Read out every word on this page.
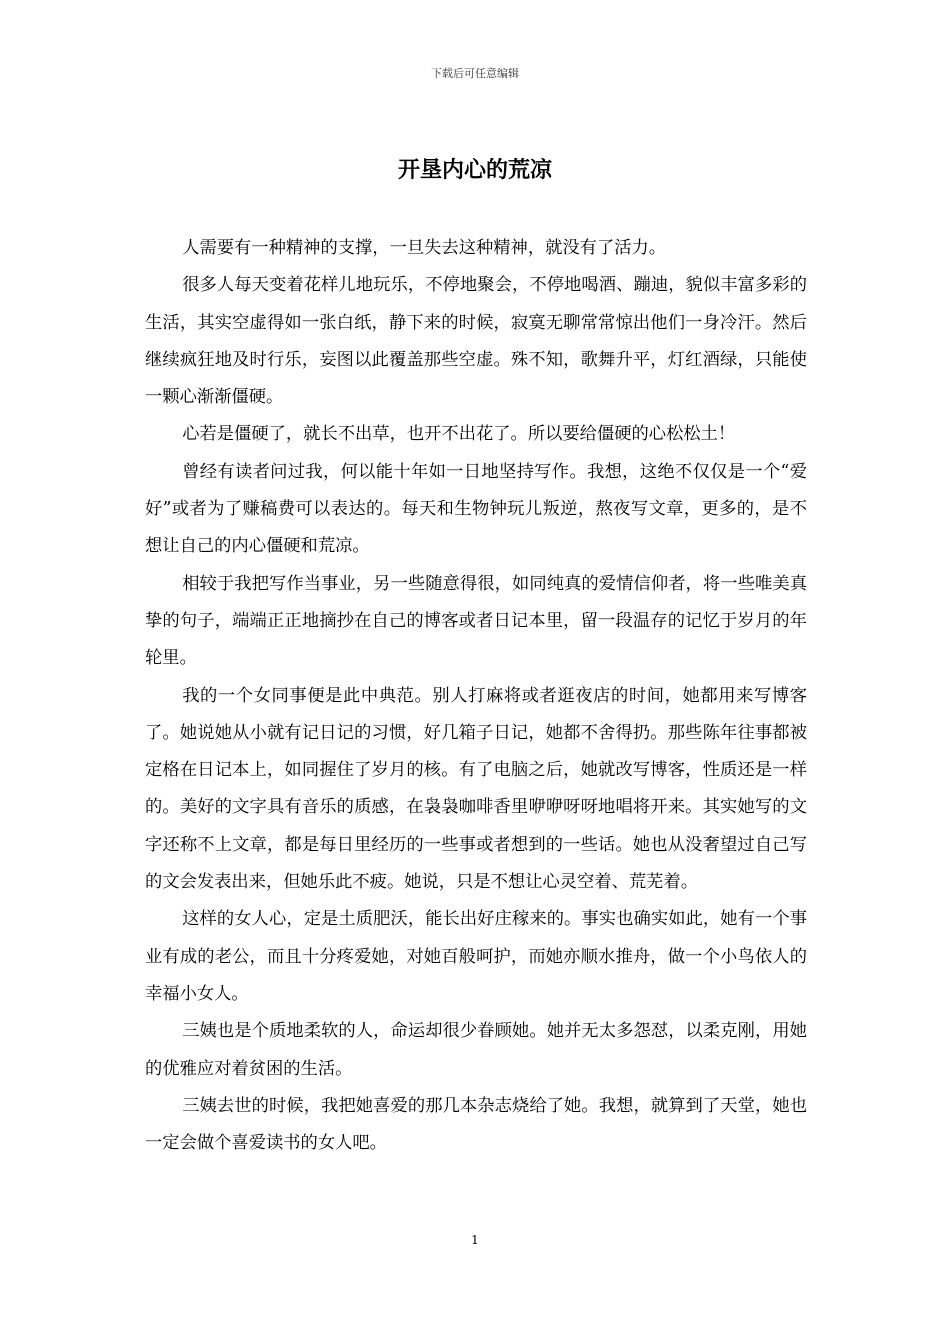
下载后可任意编辑
开垦内心的荒凉

人需要有一种精神的支撑，一旦失去这种精神，就没有了活力。

很多人每天变着花样儿地玩乐，不停地聚会，不停地喝酒、蹦迪，貌似丰富多彩的生活，其实空虚得如一张白纸，静下来的时候，寂寞无聊常常惊出他们一身冷汗。然后继续疯狂地及时行乐，妄图以此覆盖那些空虚。殊不知，歌舞升平，灯红酒绿，只能使一颗心渐渐僵硬。

心若是僵硬了，就长不出草，也开不出花了。所以要给僵硬的心松松土！

曾经有读者问过我，何以能十年如一日地坚持写作。我想，这绝不仅仅是一个“爱好”或者为了赚稿费可以表达的。每天和生物钟玩儿叛逆，熬夜写文章，更多的，是不想让自己的内心僵硬和荒凉。

相较于我把写作当事业，另一些随意得很，如同纯真的爱情信仰者，将一些唯美真挚的句子，端端正正地摘抄在自己的博客或者日记本里，留一段温存的记忆于岁月的年轮里。

我的一个女同事便是此中典范。别人打麻将或者逛夜店的时间，她都用来写博客了。她说她从小就有记日记的习惯，好几箱子日记，她都不舍得扔。那些陈年往事都被定格在日记本上，如同握住了岁月的核。有了电脑之后，她就改写博客，性质还是一样的。美好的文字具有音乐的质感，在袅袅咖啡香里咿咿呀呀地唱将开来。其实她写的文字还称不上文章，都是每日里经历的一些事或者想到的一些话。她也从没奢望过自己写的文会发表出来，但她乐此不疲。她说，只是不想让心灵空着、荒芜着。

这样的女人心，定是土质肥沃，能长出好庄稼来的。事实也确实如此，她有一个事业有成的老公，而且十分疼爱她，对她百般呵护，而她亦顺水推舟，做一个小鸟依人的幸福小女人。

三姨也是个质地柔软的人，命运却很少眷顾她。她并无太多怨怼，以柔克刚，用她的优雅应对着贫困的生活。

三姨去世的时候，我把她喜爱的那几本杂志烧给了她。我想，就算到了天堂，她也一定会做个喜爱读书的女人吧。

1
